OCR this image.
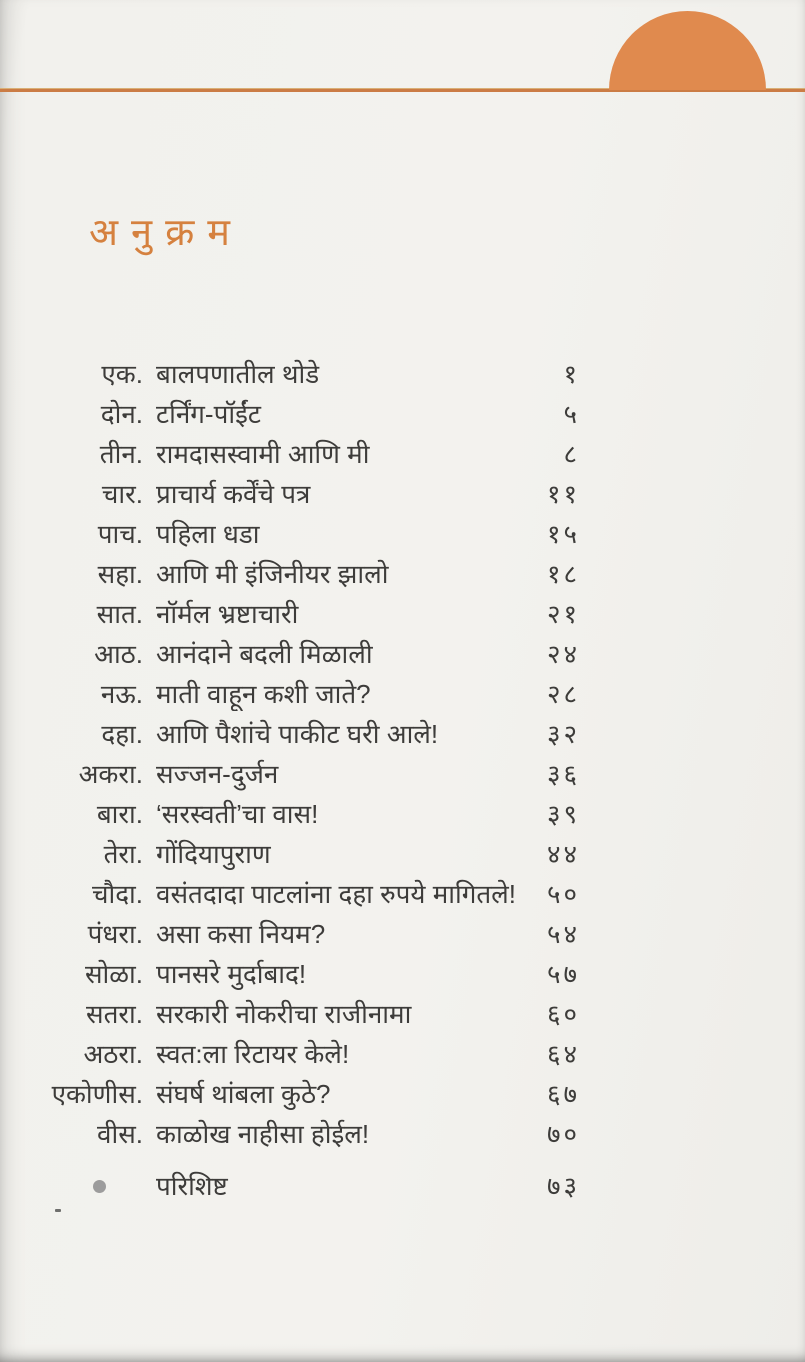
अनुक्रम
एक. बालपणातील थोडे	१
दोन. टर्निंग-पॉईंट	५
तीन. रामदासस्वामी आणि मी	८
चार. प्राचार्य कर्वेंचे पत्र	११
पाच. पहिला धडा	१५
सहा. आणि मी इंजिनीयर झालो	१८
सात. नॉर्मल भ्रष्टाचारी	२१
आठ. आनंदाने बदली मिळाली	२४
नऊ. माती वाहून कशी जाते?	२८
दहा. आणि पैशांचे पाकीट घरी आले!	३२
अकरा. सज्जन-दुर्जन	३६
बारा. ‘सरस्वती’चा वास!	३९
तेरा. गोंदियापुराण	४४
चौदा. वसंतदादा पाटलांना दहा रुपये मागितले!	५०
पंधरा. असा कसा नियम?	५४
सोळा. पानसरे मुर्दाबाद!	५७
सतरा. सरकारी नोकरीचा राजीनामा	६०
अठरा. स्वत:ला रिटायर केले!	६४
एकोणीस. संघर्ष थांबला कुठे?	६७
वीस. काळोख नाहीसा होईल!	७०
परिशिष्ट	७३
